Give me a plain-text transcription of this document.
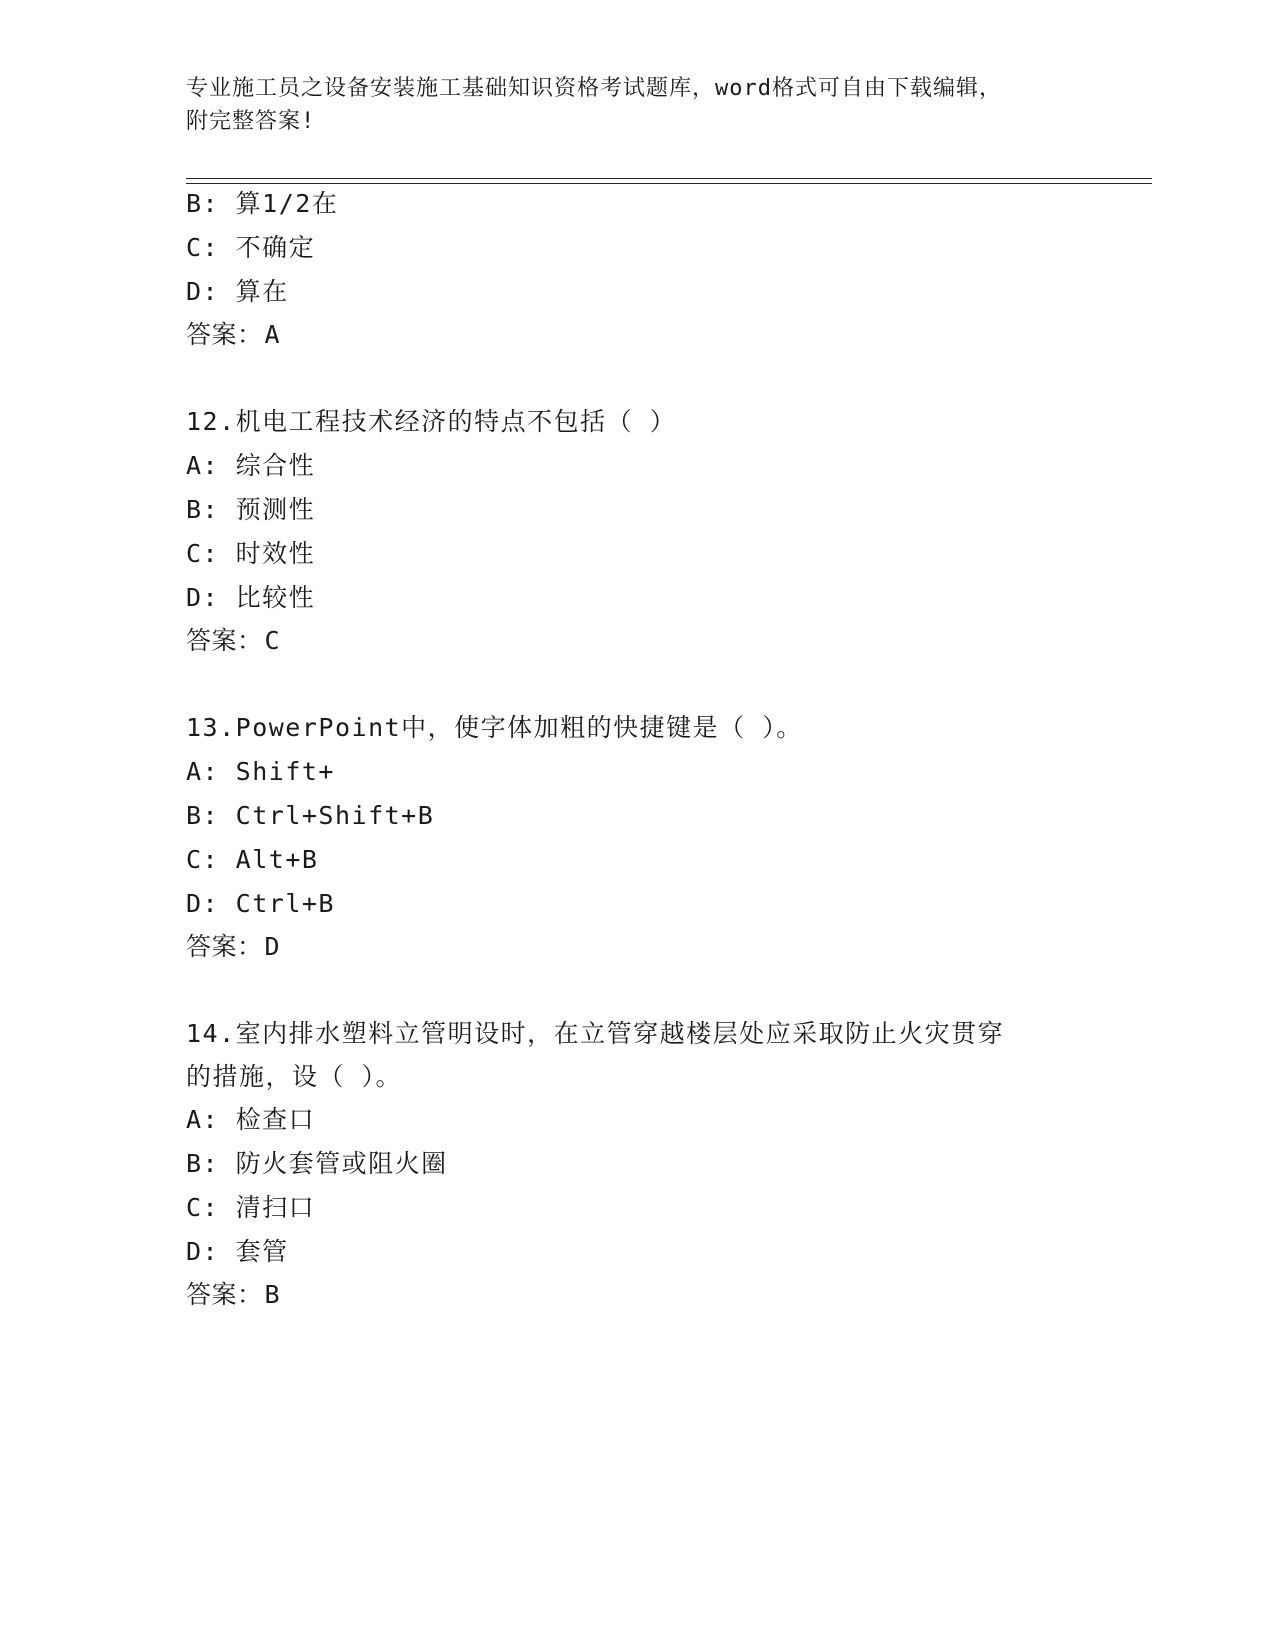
专业施工员之设备安装施工基础知识资格考试题库，word格式可自由下载编辑，
附完整答案!
B: 算1/2在
C: 不确定
D: 算在
答案：A
12.机电工程技术经济的特点不包括（ ）
A: 综合性
B: 预测性
C: 时效性
D: 比较性
答案：C
13.PowerPoint中，使字体加粗的快捷键是（ ）。
A: Shift+
B: Ctrl+Shift+B
C: Alt+B
D: Ctrl+B
答案：D
14.室内排水塑料立管明设时，在立管穿越楼层处应采取防止火灾贯穿
的措施，设（ ）。
A: 检查口
B: 防火套管或阻火圈
C: 清扫口
D: 套管
答案：B
